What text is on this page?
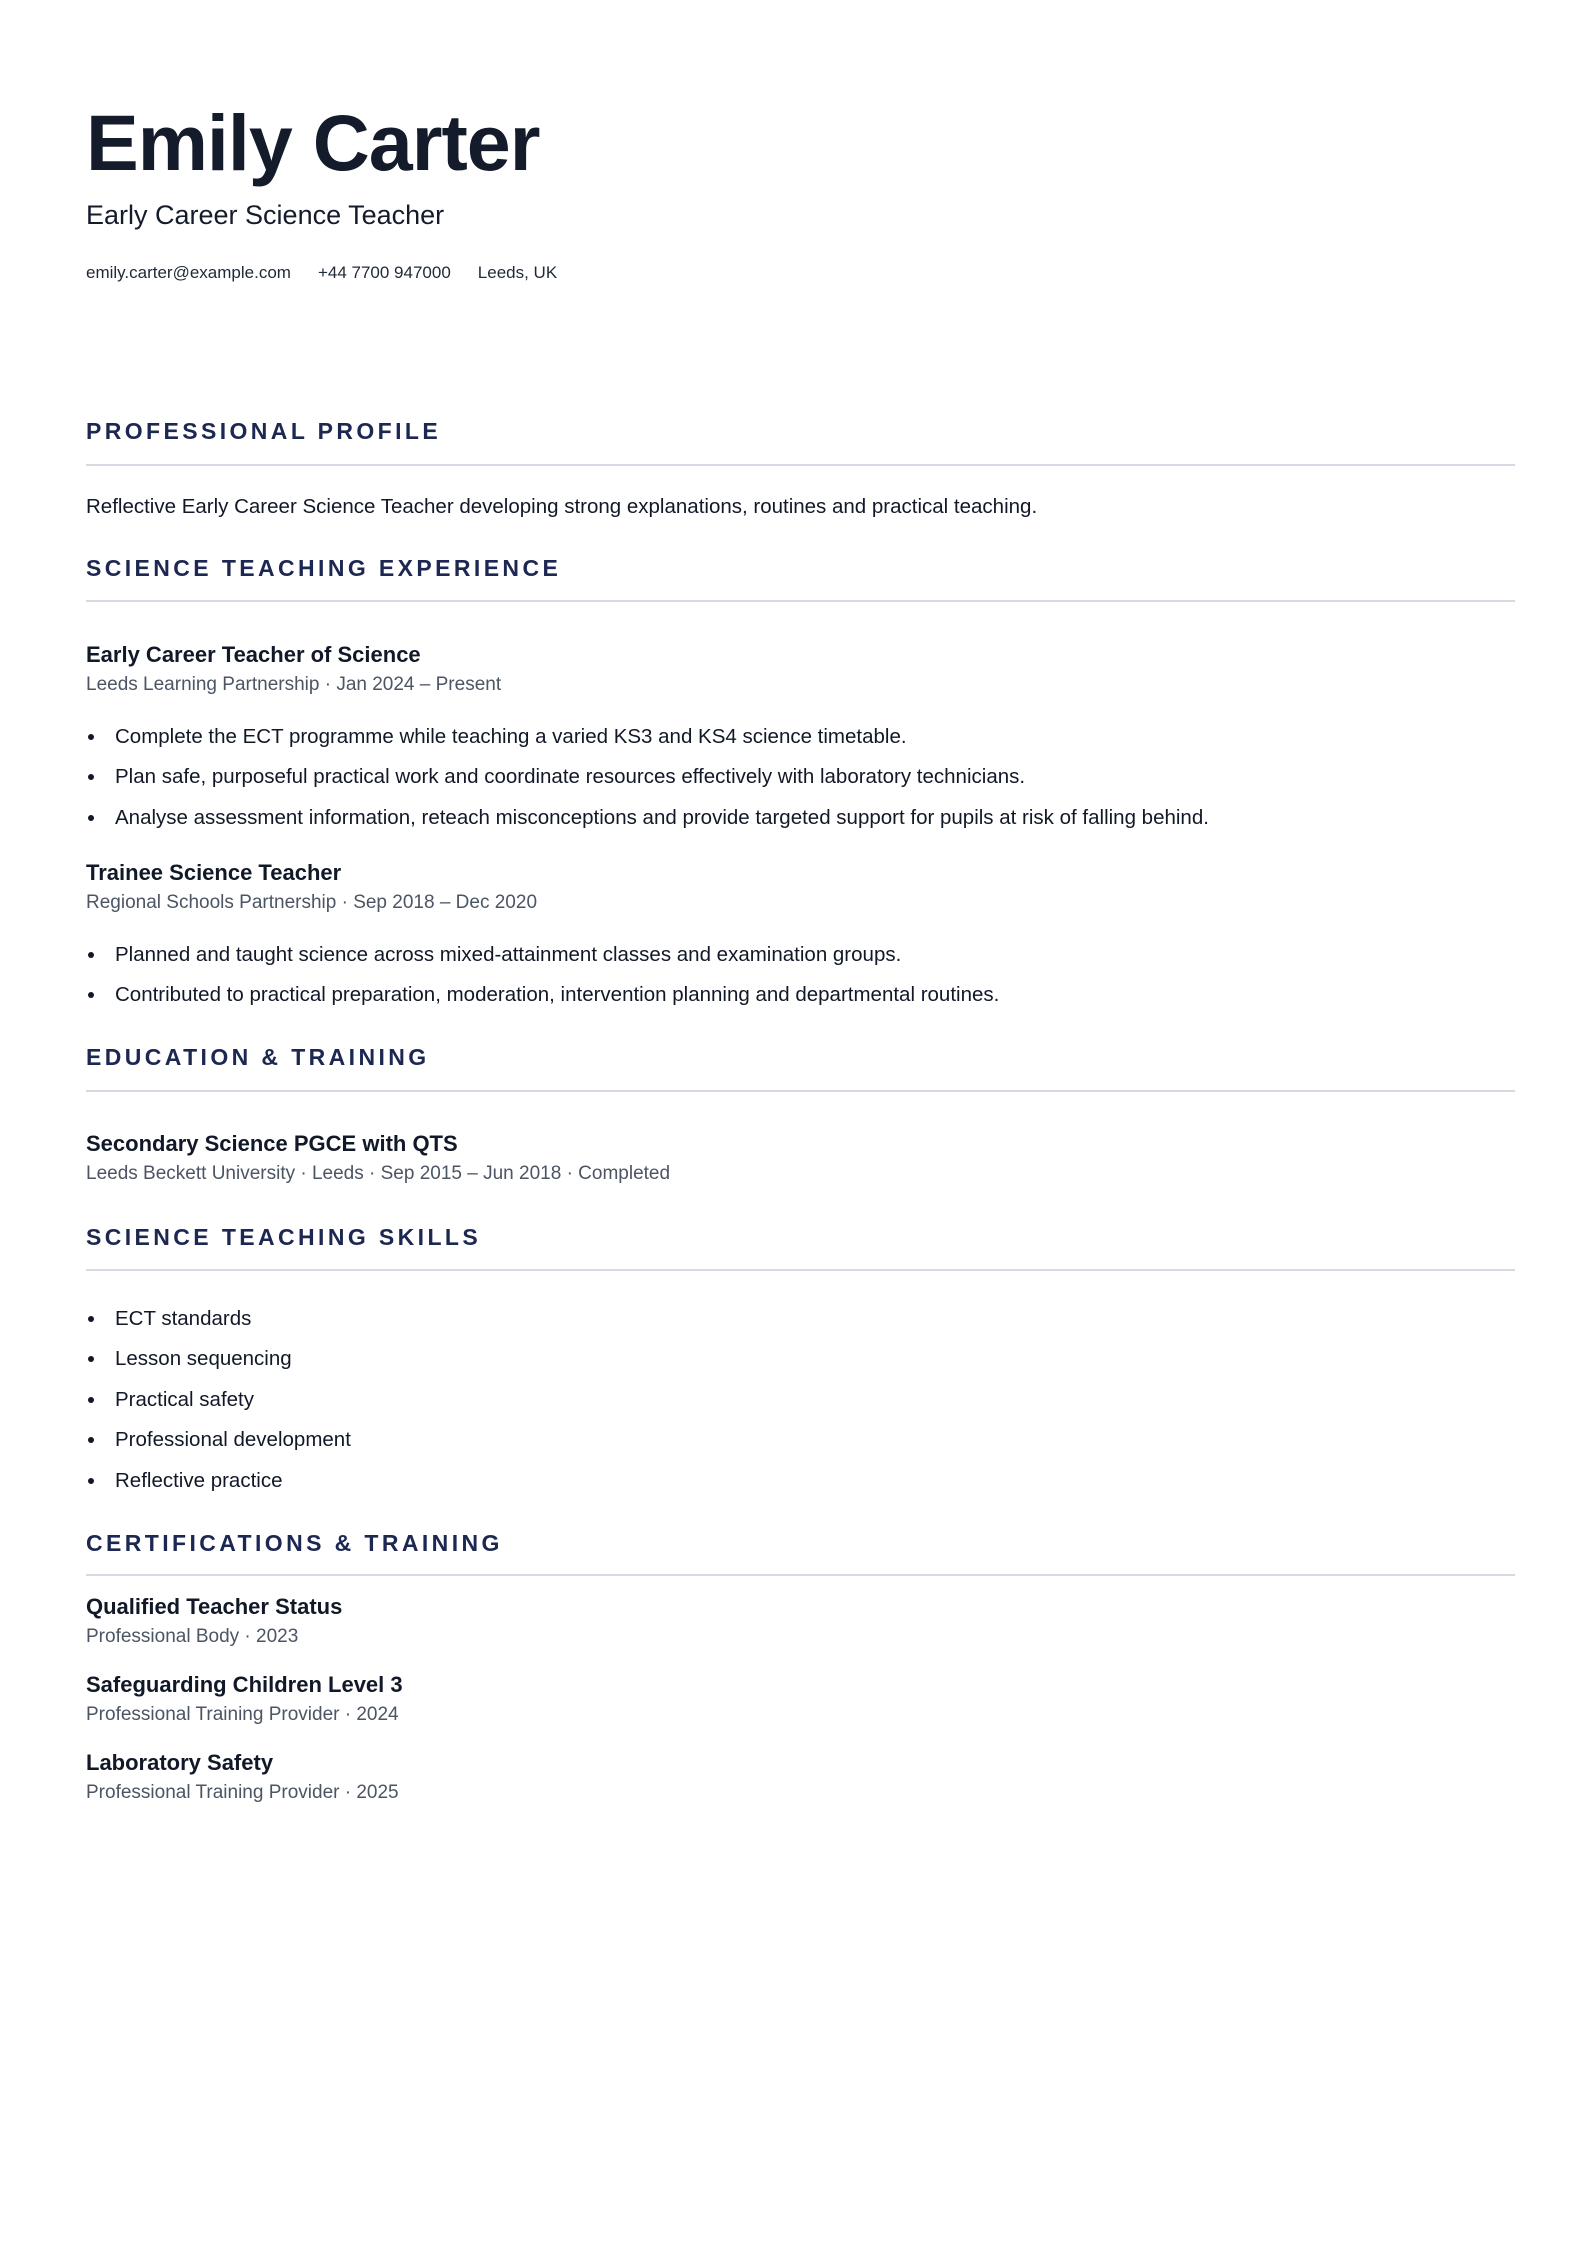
Emily Carter
Early Career Science Teacher
emily.carter@example.com +44 7700 947000 Leeds, UK
PROFESSIONAL PROFILE
Reflective Early Career Science Teacher developing strong explanations, routines and practical teaching.
SCIENCE TEACHING EXPERIENCE
Early Career Teacher of Science
Leeds Learning Partnership · Jan 2024 – Present
Complete the ECT programme while teaching a varied KS3 and KS4 science timetable.
Plan safe, purposeful practical work and coordinate resources effectively with laboratory technicians.
Analyse assessment information, reteach misconceptions and provide targeted support for pupils at risk of falling behind.
Trainee Science Teacher
Regional Schools Partnership · Sep 2018 – Dec 2020
Planned and taught science across mixed-attainment classes and examination groups.
Contributed to practical preparation, moderation, intervention planning and departmental routines.
EDUCATION & TRAINING
Secondary Science PGCE with QTS
Leeds Beckett University · Leeds · Sep 2015 – Jun 2018 · Completed
SCIENCE TEACHING SKILLS
ECT standards
Lesson sequencing
Practical safety
Professional development
Reflective practice
CERTIFICATIONS & TRAINING
Qualified Teacher Status
Professional Body · 2023
Safeguarding Children Level 3
Professional Training Provider · 2024
Laboratory Safety
Professional Training Provider · 2025
